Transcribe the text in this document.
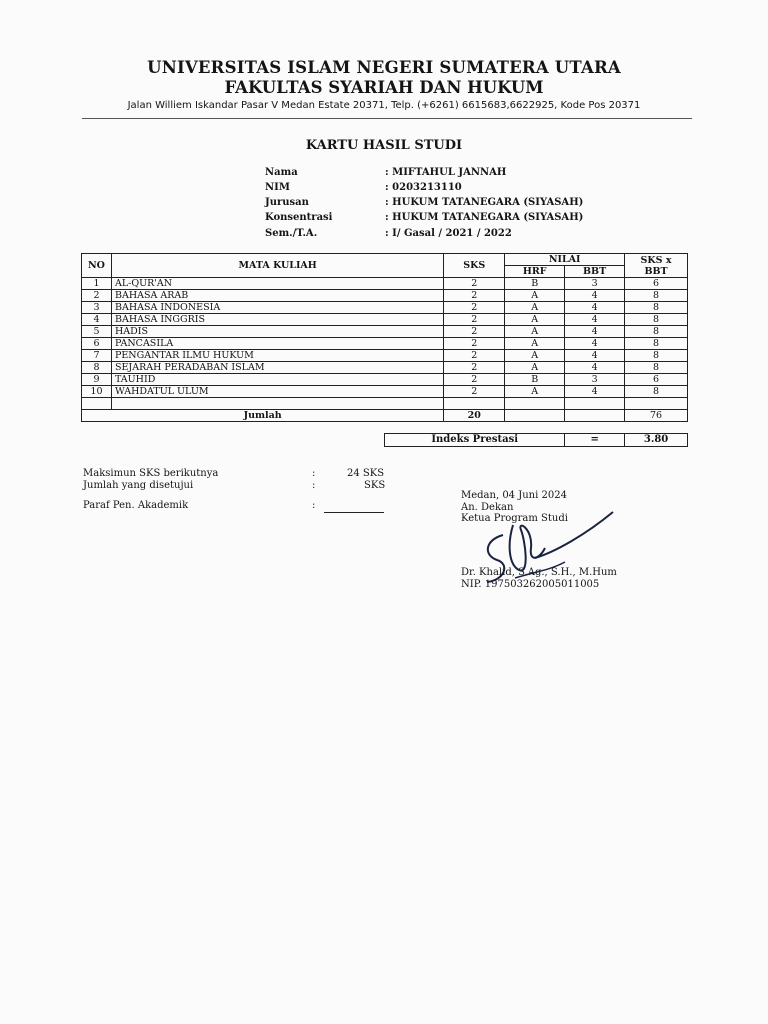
UNIVERSITAS ISLAM NEGERI SUMATERA UTARA
FAKULTAS SYARIAH DAN HUKUM
Jalan Williem Iskandar Pasar V Medan Estate 20371, Telp. (+6261) 6615683,6622925, Kode Pos 20371
KARTU HASIL STUDI
Nama	: MIFTAHUL JANNAH
NIM	: 0203213110
Jurusan	: HUKUM TATANEGARA (SIYASAH)
Konsentrasi	: HUKUM TATANEGARA (SIYASAH)
Sem./T.A.	: I/ Gasal / 2021 / 2022
NO	MATA KULIAH	SKS	NILAI		SKS x BBT
			HRF	BBT	
1	AL-QUR'AN	2	B	3	6
2	BAHASA ARAB	2	A	4	8
3	BAHASA INDONESIA	2	A	4	8
4	BAHASA INGGRIS	2	A	4	8
5	HADIS	2	A	4	8
6	PANCASILA	2	A	4	8
7	PENGANTAR ILMU HUKUM	2	A	4	8
8	SEJARAH PERADABAN ISLAM	2	A	4	8
9	TAUHID	2	B	3	6
10	WAHDATUL ULUM	2	A	4	8

Jumlah		20			76
Indeks Prestasi	=	3.80
Maksimun SKS berikutnya	:	24 SKS
Jumlah yang disetujui	:	SKS
Paraf Pen. Akademik	:
Medan, 04 Juni 2024
An. Dekan
Ketua Program Studi
Dr. Khalid, S.Ag., S.H., M.Hum
NIP. 197503262005011005
